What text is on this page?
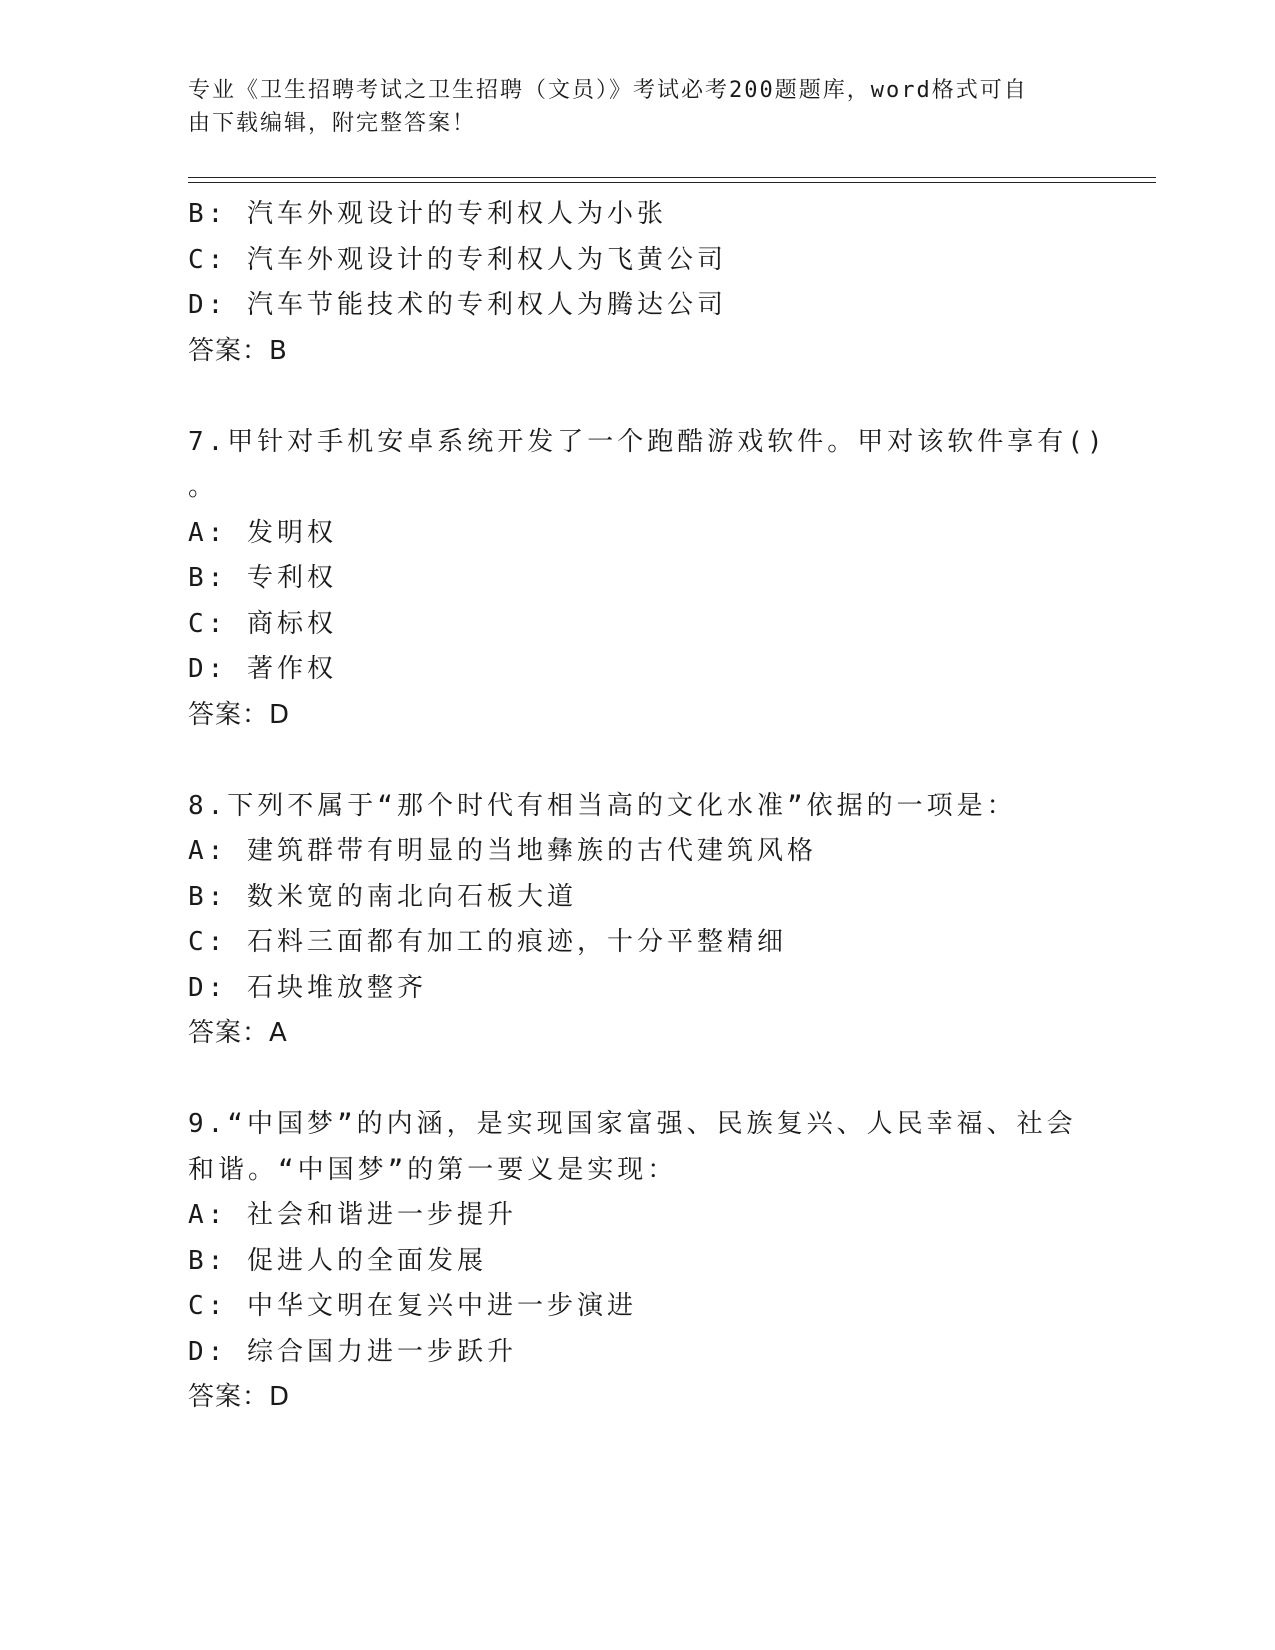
专业《卫生招聘考试之卫生招聘（文员）》考试必考200题题库，word格式可自
由下载编辑，附完整答案！
B: 汽车外观设计的专利权人为小张
C: 汽车外观设计的专利权人为飞黄公司
D: 汽车节能技术的专利权人为腾达公司
答案：B
7.甲针对手机安卓系统开发了一个跑酷游戏软件。甲对该软件享有()
。
A: 发明权
B: 专利权
C: 商标权
D: 著作权
答案：D
8.下列不属于“那个时代有相当高的文化水准”依据的一项是：
A: 建筑群带有明显的当地彝族的古代建筑风格
B: 数米宽的南北向石板大道
C: 石料三面都有加工的痕迹，十分平整精细
D: 石块堆放整齐
答案：A
9.“中国梦”的内涵，是实现国家富强、民族复兴、人民幸福、社会
和谐。“中国梦”的第一要义是实现：
A: 社会和谐进一步提升
B: 促进人的全面发展
C: 中华文明在复兴中进一步演进
D: 综合国力进一步跃升
答案：D
